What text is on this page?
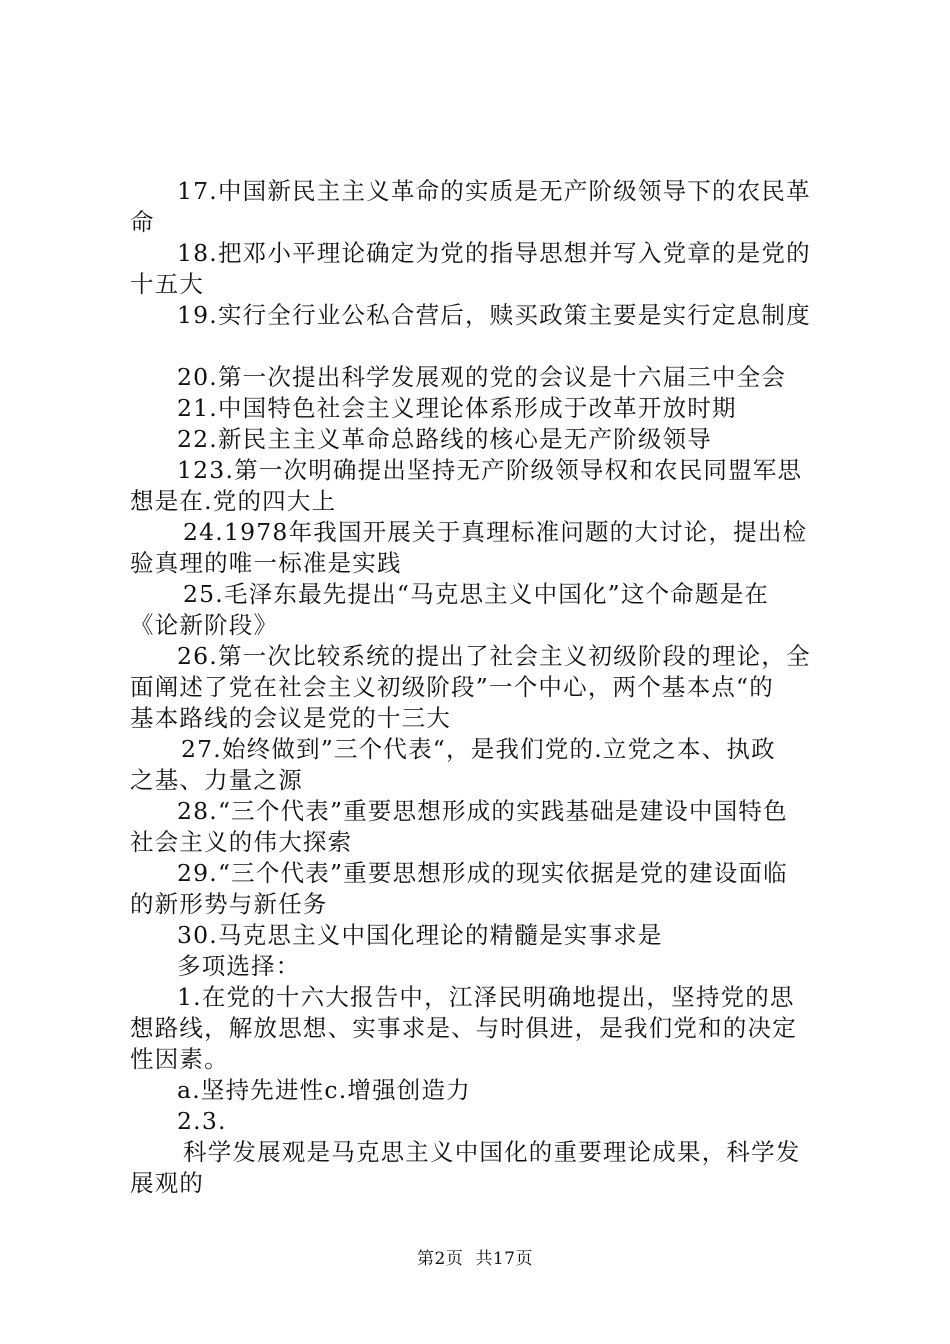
17.中国新民主主义革命的实质是无产阶级领导下的农民革
命
18.把邓小平理论确定为党的指导思想并写入党章的是党的
十五大
19.实行全行业公私合营后，赎买政策主要是实行定息制度
20.第一次提出科学发展观的党的会议是十六届三中全会
21.中国特色社会主义理论体系形成于改革开放时期
22.新民主主义革命总路线的核心是无产阶级领导
123.第一次明确提出坚持无产阶级领导权和农民同盟军思
想是在.党的四大上
24.1978年我国开展关于真理标准问题的大讨论，提出检
验真理的唯一标准是实践
25.毛泽东最先提出“马克思主义中国化”这个命题是在
《论新阶段》
26.第一次比较系统的提出了社会主义初级阶段的理论，全
面阐述了党在社会主义初级阶段”一个中心，两个基本点“的
基本路线的会议是党的十三大
27.始终做到”三个代表“，是我们党的.立党之本、执政
之基、力量之源
28.“三个代表”重要思想形成的实践基础是建设中国特色
社会主义的伟大探索
29.“三个代表”重要思想形成的现实依据是党的建设面临
的新形势与新任务
30.马克思主义中国化理论的精髓是实事求是
多项选择：
1.在党的十六大报告中，江泽民明确地提出，坚持党的思
想路线，解放思想、实事求是、与时俱进，是我们党和的决定
性因素。
a.坚持先进性c.增强创造力
2.3.
科学发展观是马克思主义中国化的重要理论成果，科学发
展观的
第2页 共17页
